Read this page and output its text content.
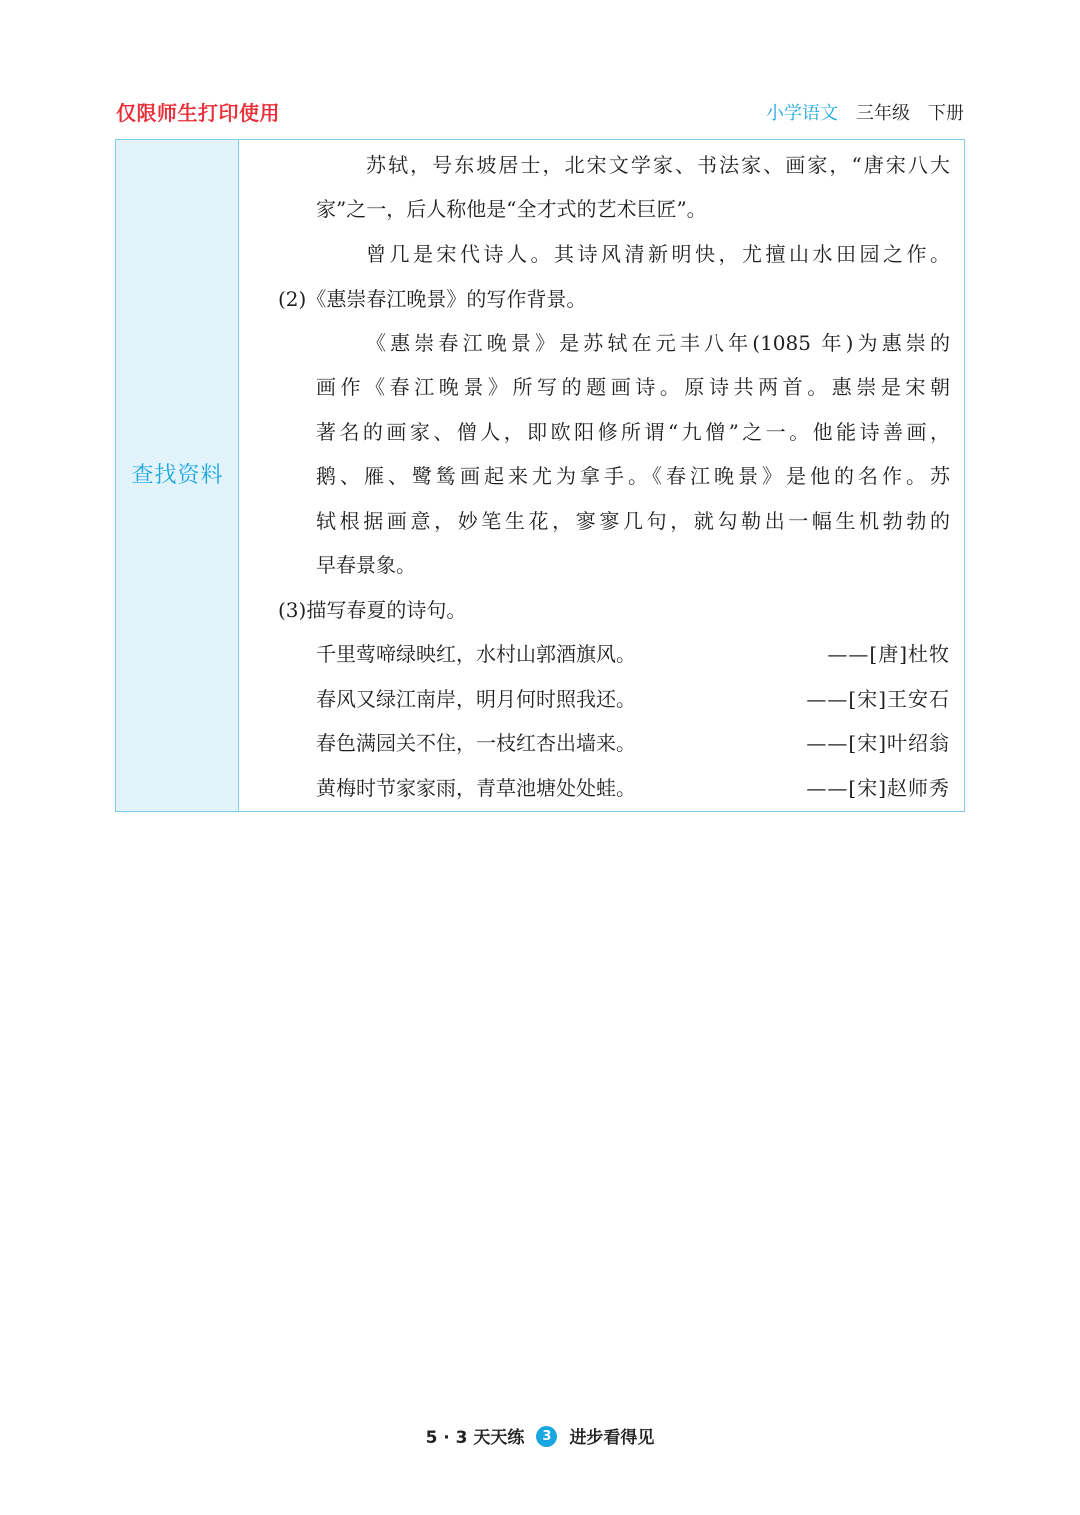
仅限师生打印使用	小学语文 三年级 下册
查找资料
苏轼，号东坡居士，北宋文学家、书法家、画家，“唐宋八大
家”之一，后人称他是“全才式的艺术巨匠”。
曾几是宋代诗人。其诗风清新明快，尤擅山水田园之作。
(2)《惠崇春江晚景》的写作背景。
《惠崇春江晚景》是苏轼在元丰八年(1085 年)为惠崇的
画作《春江晚景》所写的题画诗。原诗共两首。惠崇是宋朝
著名的画家、僧人，即欧阳修所谓“九僧”之一。他能诗善画，
鹅、雁、鹭鸶画起来尤为拿手。《春江晚景》是他的名作。苏
轼根据画意，妙笔生花，寥寥几句，就勾勒出一幅生机勃勃的
早春景象。
(3)描写春夏的诗句。
千里莺啼绿映红，水村山郭酒旗风。	——[唐]杜牧
春风又绿江南岸，明月何时照我还。	——[宋]王安石
春色满园关不住，一枝红杏出墙来。	——[宋]叶绍翁
黄梅时节家家雨，青草池塘处处蛙。	——[宋]赵师秀
5 · 3 天天练 3 进步看得见
